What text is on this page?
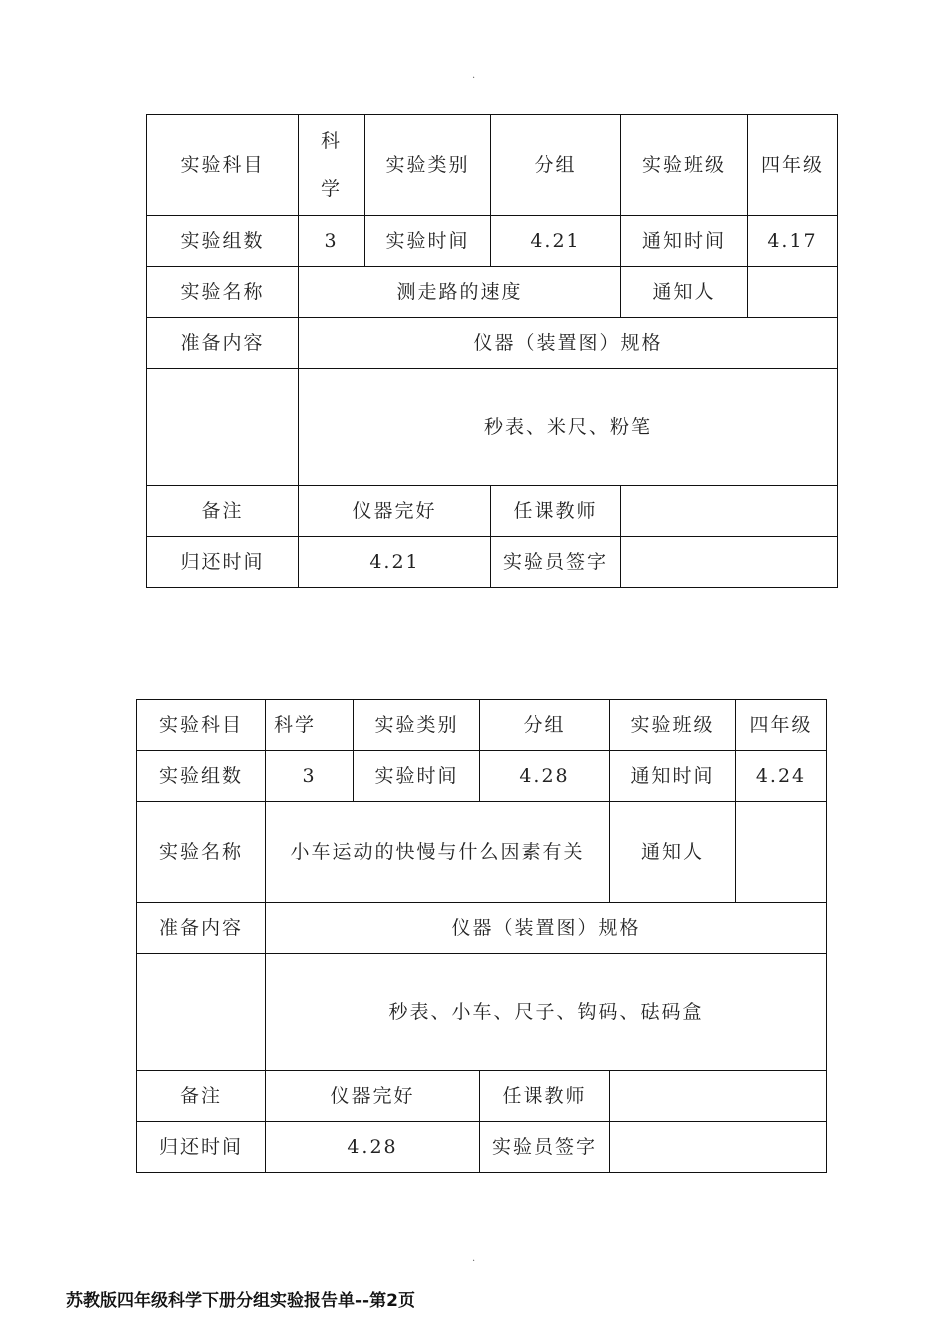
.
实验科目	科学	实验类别	分组	实验班级	四年级
实验组数	3	实验时间	4.21	通知时间	4.17
实验名称	测走路的速度			通知人	
准备内容	仪器（装置图）规格				
	秒表、米尺、粉笔				
备注	仪器完好		任课教师		
归还时间	4.21		实验员签字		
实验科目	科学	实验类别	分组	实验班级	四年级
实验组数	3	实验时间	4.28	通知时间	4.24
实验名称	小车运动的快慢与什么因素有关			通知人	
准备内容	仪器（装置图）规格				
	秒表、小车、尺子、钩码、砝码盒				
备注	仪器完好		任课教师		
归还时间	4.28		实验员签字		
.
苏教版四年级科学下册分组实验报告单--第2页
